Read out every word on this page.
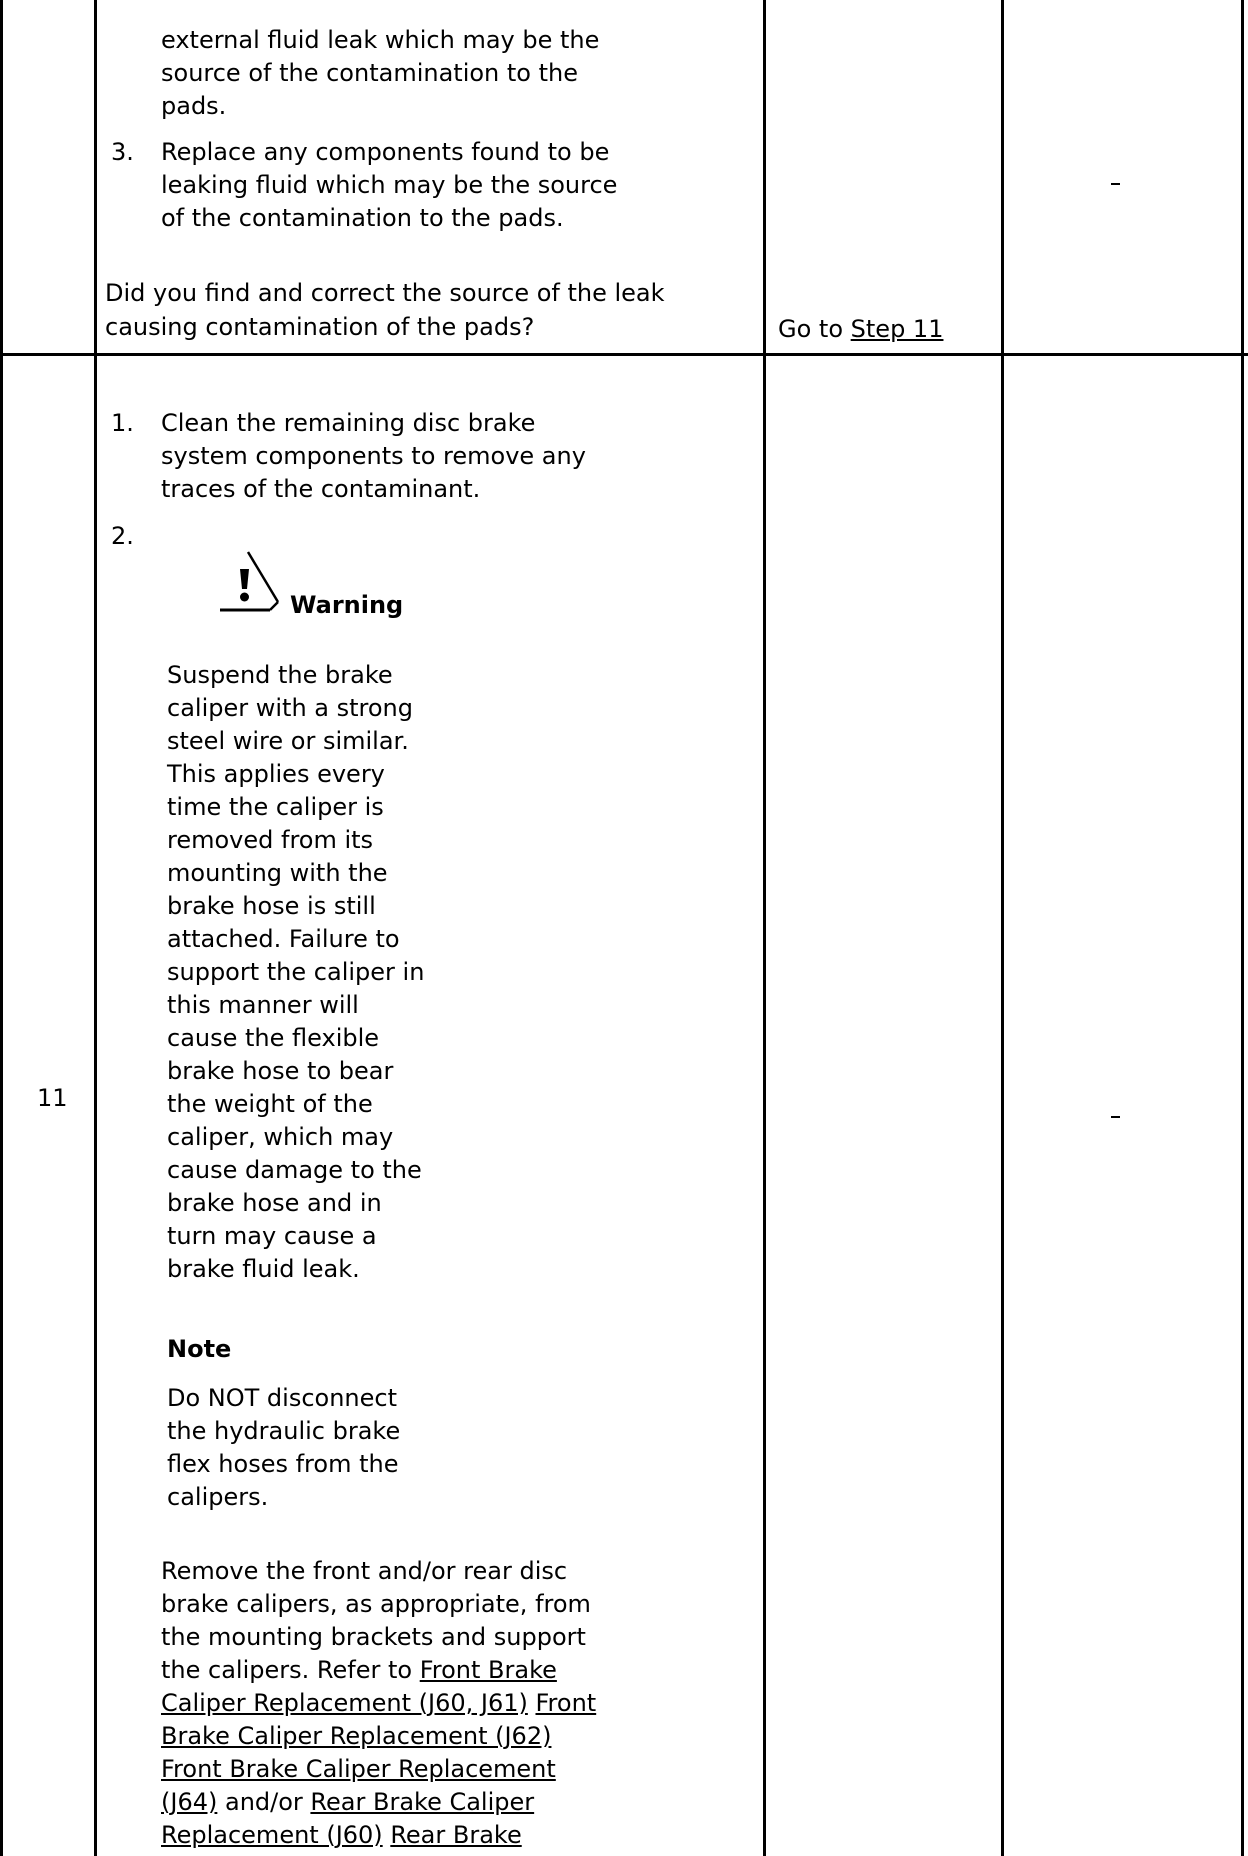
external fluid leak which may be the
source of the contamination to the
pads.
3. Replace any components found to be
leaking fluid which may be the source
of the contamination to the pads.
Did you find and correct the source of the leak
causing contamination of the pads?	Go to Step 11
11
1. Clean the remaining disc brake
system components to remove any
traces of the contaminant.
2.
Warning
Suspend the brake
caliper with a strong
steel wire or similar.
This applies every
time the caliper is
removed from its
mounting with the
brake hose is still
attached. Failure to
support the caliper in
this manner will
cause the flexible
brake hose to bear
the weight of the
caliper, which may
cause damage to the
brake hose and in
turn may cause a
brake fluid leak.
Note
Do NOT disconnect
the hydraulic brake
flex hoses from the
calipers.
Remove the front and/or rear disc
brake calipers, as appropriate, from
the mounting brackets and support
the calipers. Refer to Front Brake
Caliper Replacement (J60, J61) Front
Brake Caliper Replacement (J62)
Front Brake Caliper Replacement
(J64) and/or Rear Brake Caliper
Replacement (J60) Rear Brake
